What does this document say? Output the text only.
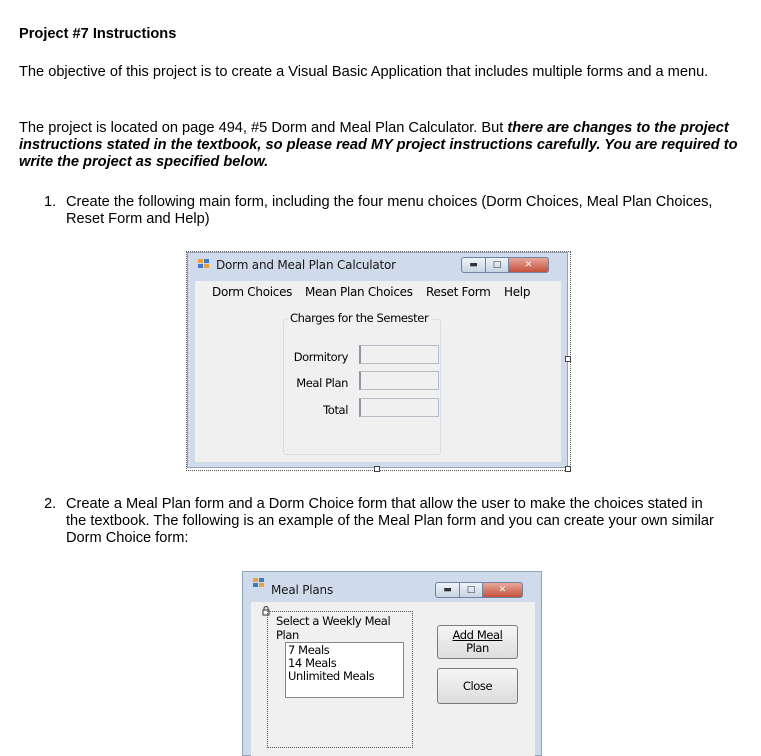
Project #7 Instructions
The objective of this project is to create a Visual Basic Application that includes multiple forms and a menu.
The project is located on page 494, #5 Dorm and Meal Plan Calculator. But there are changes to the project instructions stated in the textbook, so please read MY project instructions carefully. You are required to write the project as specified below.
1. Create the following main form, including the four menu choices (Dorm Choices, Meal Plan Choices, Reset Form and Help)
Dorm and Meal Plan Calculator	▬	□	✕
Dorm Choices Mean Plan Choices Reset Form Help
Charges for the Semester
Dormitory
Meal Plan
Total
2. Create a Meal Plan form and a Dorm Choice form that allow the user to make the choices stated in the textbook. The following is an example of the Meal Plan form and you can create your own similar Dorm Choice form:
Meal Plans	▬	□	✕
Select a Weekly Meal Plan
7 Meals
14 Meals
Unlimited Meals
Add Meal
Plan
Close
